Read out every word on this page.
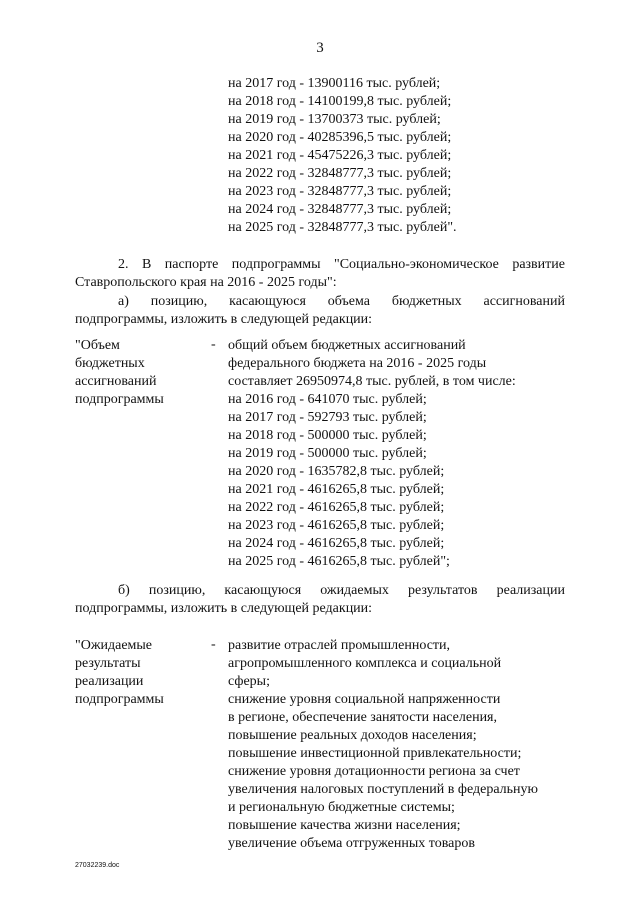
3
на 2017 год - 13900116 тыс. рублей;
на 2018 год - 14100199,8 тыс. рублей;
на 2019 год - 13700373 тыс. рублей;
на 2020 год - 40285396,5 тыс. рублей;
на 2021 год - 45475226,3 тыс. рублей;
на 2022 год - 32848777,3 тыс. рублей;
на 2023 год - 32848777,3 тыс. рублей;
на 2024 год - 32848777,3 тыс. рублей;
на 2025 год - 32848777,3 тыс. рублей".
2. В паспорте подпрограммы "Социально-экономическое развитие
Ставропольского края на 2016 - 2025 годы":
а) позицию, касающуюся объема бюджетных ассигнований
подпрограммы, изложить в следующей редакции:
"Объем
бюджетных
ассигнований
подпрограммы
- общий объем бюджетных ассигнований
федерального бюджета на 2016 - 2025 годы
составляет 26950974,8 тыс. рублей, в том числе:
на 2016 год - 641070 тыс. рублей;
на 2017 год - 592793 тыс. рублей;
на 2018 год - 500000 тыс. рублей;
на 2019 год - 500000 тыс. рублей;
на 2020 год - 1635782,8 тыс. рублей;
на 2021 год - 4616265,8 тыс. рублей;
на 2022 год - 4616265,8 тыс. рублей;
на 2023 год - 4616265,8 тыс. рублей;
на 2024 год - 4616265,8 тыс. рублей;
на 2025 год - 4616265,8 тыс. рублей";
б) позицию, касающуюся ожидаемых результатов реализации
подпрограммы, изложить в следующей редакции:
"Ожидаемые
результаты
реализации
подпрограммы
- развитие отраслей промышленности,
агропромышленного комплекса и социальной
сферы;
снижение уровня социальной напряженности
в регионе, обеспечение занятости населения,
повышение реальных доходов населения;
повышение инвестиционной привлекательности;
снижение уровня дотационности региона за счет
увеличения налоговых поступлений в федеральную
и региональную бюджетные системы;
повышение качества жизни населения;
увеличение объема отгруженных товаров
27032239.doc
